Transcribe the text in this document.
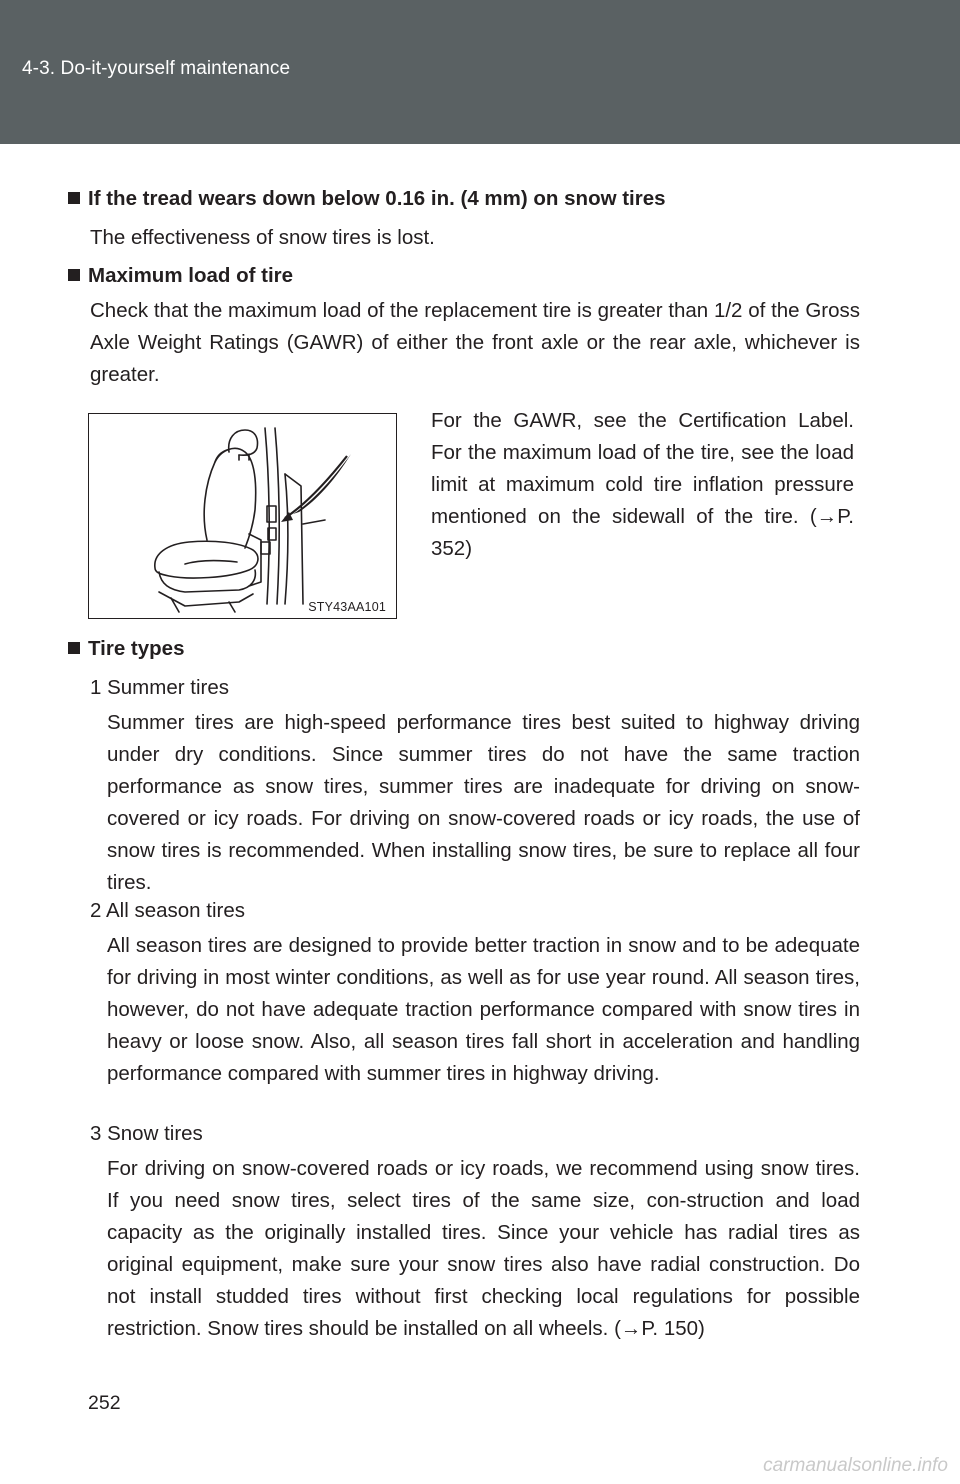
4-3. Do-it-yourself maintenance
If the tread wears down below 0.16 in. (4 mm) on snow tires
The effectiveness of snow tires is lost.
Maximum load of tire
Check that the maximum load of the replacement tire is greater than 1/2 of the Gross Axle Weight Ratings (GAWR) of either the front axle or the rear axle, whichever is greater.
STY43AA101
For the GAWR, see the Certification Label. For the maximum load of the tire, see the load limit at maximum cold tire inflation pressure mentioned on the sidewall of the tire. (→P. 352)
Tire types
1 Summer tires
Summer tires are high-speed performance tires best suited to highway driving under dry conditions. Since summer tires do not have the same traction performance as snow tires, summer tires are inadequate for driving on snow-covered or icy roads. For driving on snow-covered roads or icy roads, the use of snow tires is recommended. When installing snow tires, be sure to replace all four tires.
2 All season tires
All season tires are designed to provide better traction in snow and to be adequate for driving in most winter conditions, as well as for use year round. All season tires, however, do not have adequate traction performance compared with snow tires in heavy or loose snow. Also, all season tires fall short in acceleration and handling performance compared with summer tires in highway driving.
3 Snow tires
For driving on snow-covered roads or icy roads, we recommend using snow tires. If you need snow tires, select tires of the same size, con-struction and load capacity as the originally installed tires. Since your vehicle has radial tires as original equipment, make sure your snow tires also have radial construction. Do not install studded tires without first checking local regulations for possible restriction. Snow tires should be installed on all wheels. (→P. 150)
252
carmanualsonline.info
